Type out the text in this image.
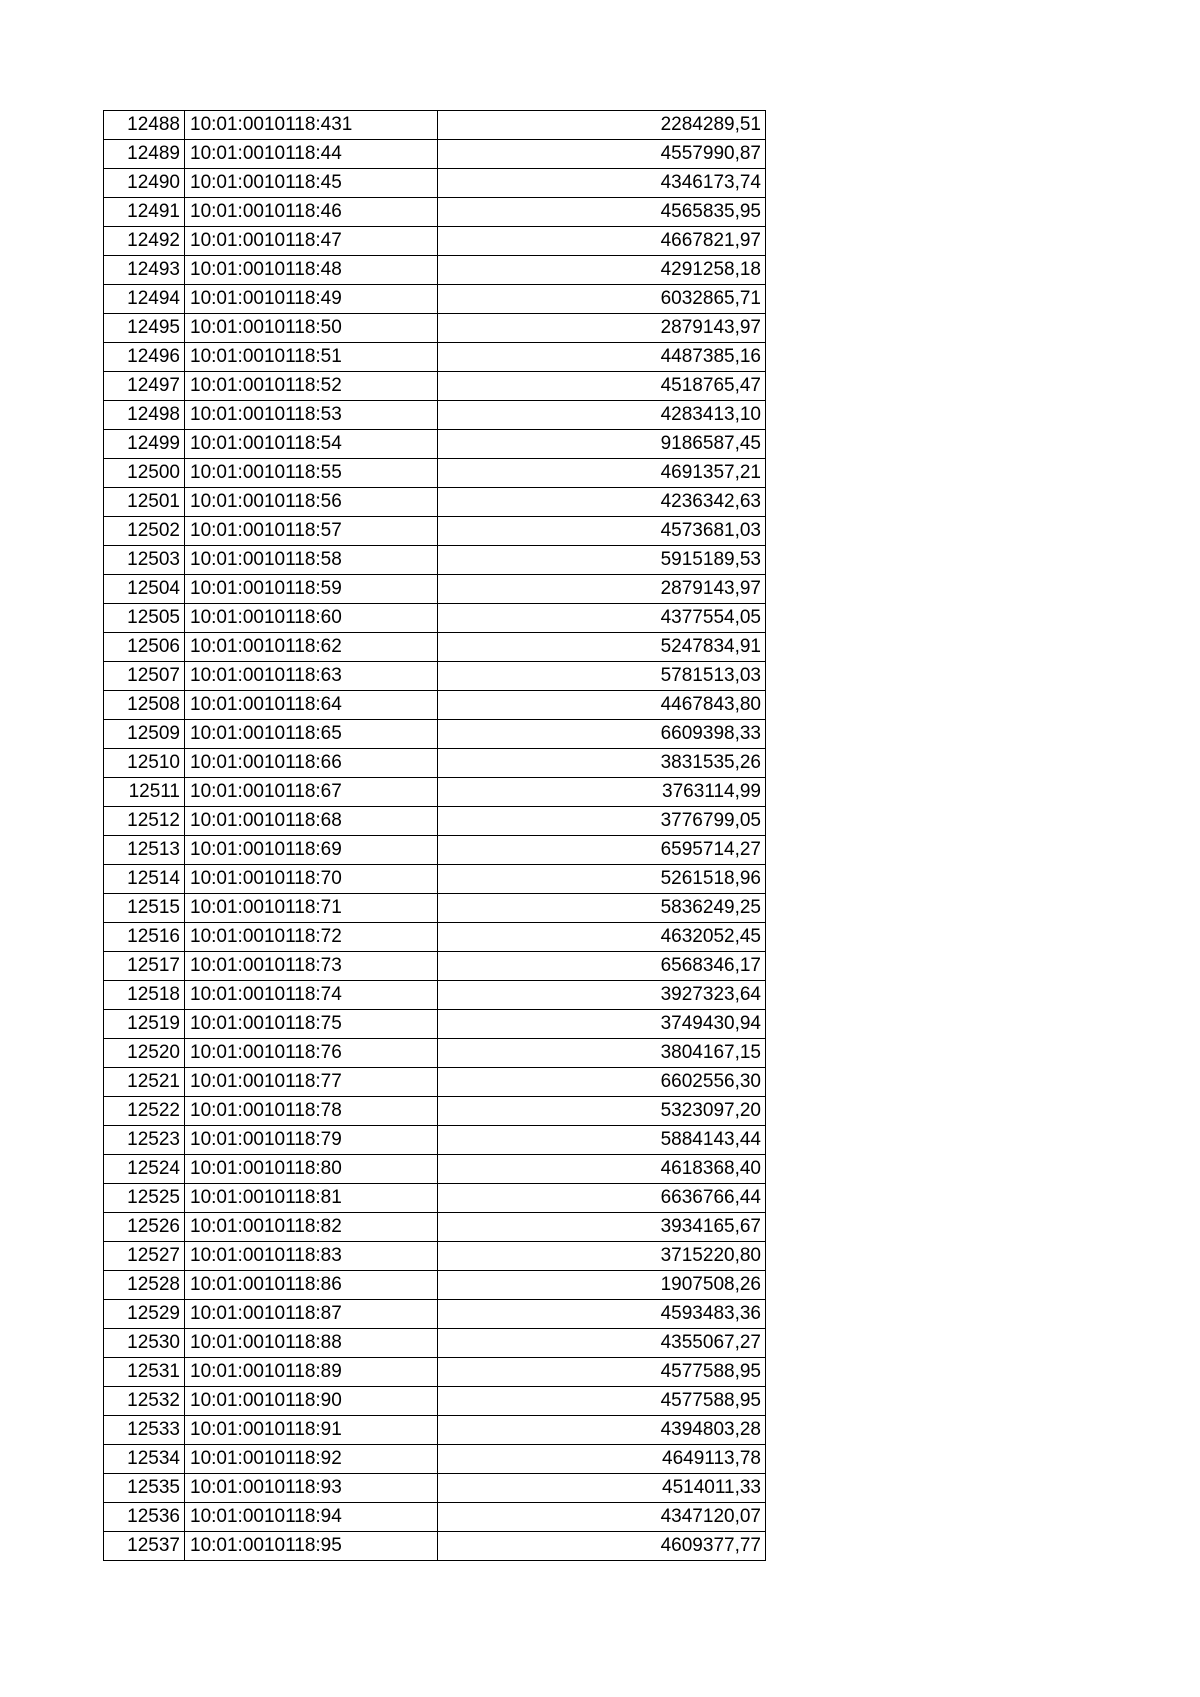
12488	10:01:0010118:431	2284289,51
12489	10:01:0010118:44	4557990,87
12490	10:01:0010118:45	4346173,74
12491	10:01:0010118:46	4565835,95
12492	10:01:0010118:47	4667821,97
12493	10:01:0010118:48	4291258,18
12494	10:01:0010118:49	6032865,71
12495	10:01:0010118:50	2879143,97
12496	10:01:0010118:51	4487385,16
12497	10:01:0010118:52	4518765,47
12498	10:01:0010118:53	4283413,10
12499	10:01:0010118:54	9186587,45
12500	10:01:0010118:55	4691357,21
12501	10:01:0010118:56	4236342,63
12502	10:01:0010118:57	4573681,03
12503	10:01:0010118:58	5915189,53
12504	10:01:0010118:59	2879143,97
12505	10:01:0010118:60	4377554,05
12506	10:01:0010118:62	5247834,91
12507	10:01:0010118:63	5781513,03
12508	10:01:0010118:64	4467843,80
12509	10:01:0010118:65	6609398,33
12510	10:01:0010118:66	3831535,26
12511	10:01:0010118:67	3763114,99
12512	10:01:0010118:68	3776799,05
12513	10:01:0010118:69	6595714,27
12514	10:01:0010118:70	5261518,96
12515	10:01:0010118:71	5836249,25
12516	10:01:0010118:72	4632052,45
12517	10:01:0010118:73	6568346,17
12518	10:01:0010118:74	3927323,64
12519	10:01:0010118:75	3749430,94
12520	10:01:0010118:76	3804167,15
12521	10:01:0010118:77	6602556,30
12522	10:01:0010118:78	5323097,20
12523	10:01:0010118:79	5884143,44
12524	10:01:0010118:80	4618368,40
12525	10:01:0010118:81	6636766,44
12526	10:01:0010118:82	3934165,67
12527	10:01:0010118:83	3715220,80
12528	10:01:0010118:86	1907508,26
12529	10:01:0010118:87	4593483,36
12530	10:01:0010118:88	4355067,27
12531	10:01:0010118:89	4577588,95
12532	10:01:0010118:90	4577588,95
12533	10:01:0010118:91	4394803,28
12534	10:01:0010118:92	4649113,78
12535	10:01:0010118:93	4514011,33
12536	10:01:0010118:94	4347120,07
12537	10:01:0010118:95	4609377,77
